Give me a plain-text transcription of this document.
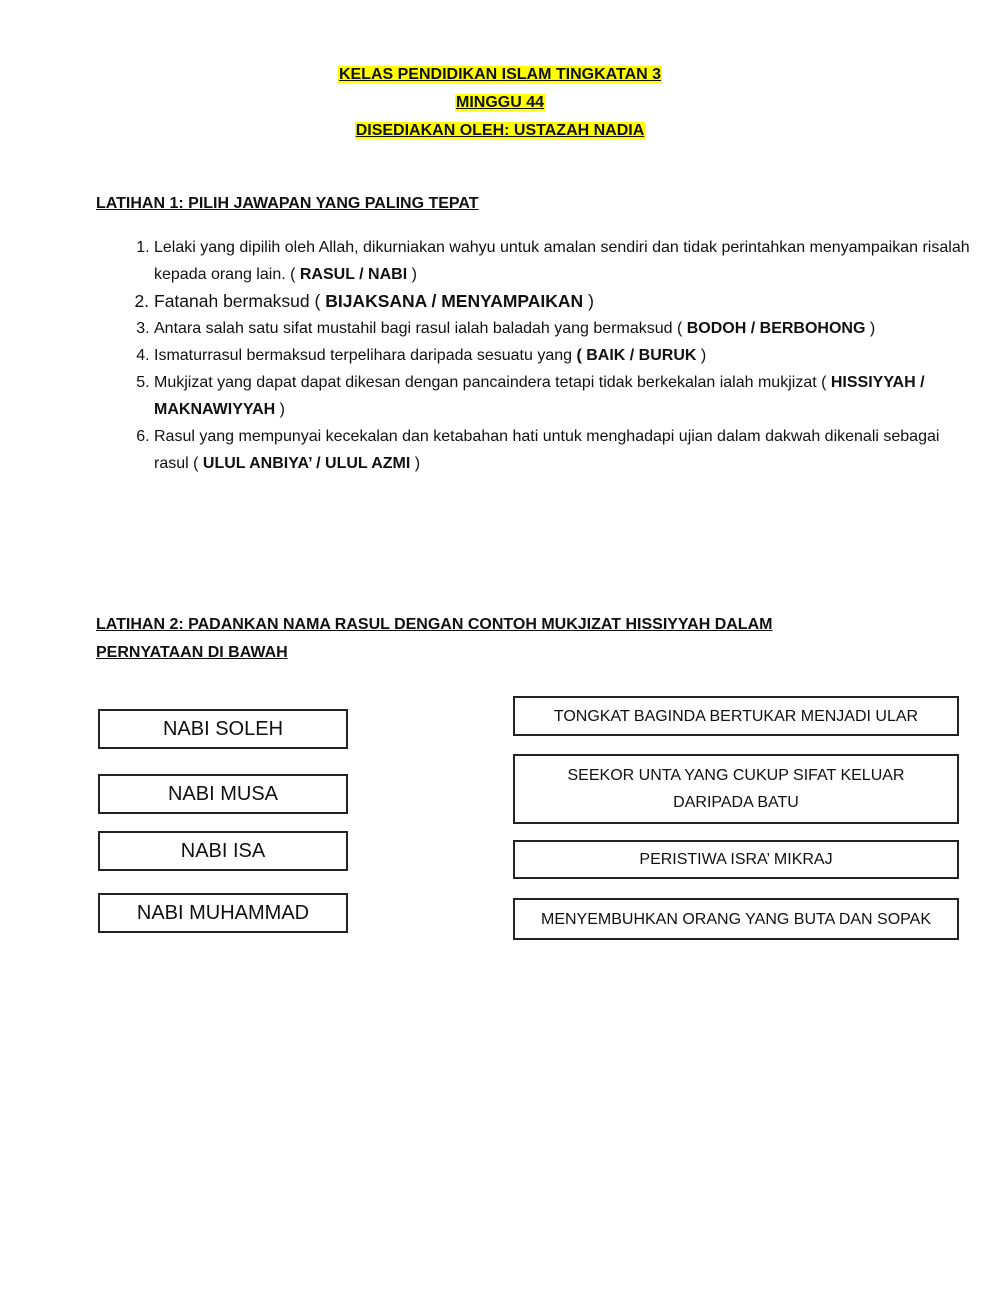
KELAS PENDIDIKAN ISLAM TINGKATAN 3
MINGGU 44
DISEDIAKAN OLEH: USTAZAH NADIA
LATIHAN 1: PILIH JAWAPAN YANG PALING TEPAT
1. Lelaki yang dipilih oleh Allah, dikurniakan wahyu untuk amalan sendiri dan tidak perintahkan menyampaikan risalah kepada orang lain. ( RASUL / NABI )
2. Fatanah bermaksud ( BIJAKSANA / MENYAMPAIKAN )
3. Antara salah satu sifat mustahil bagi rasul ialah baladah yang bermaksud ( BODOH / BERBOHONG )
4. Ismaturrasul bermaksud terpelihara daripada sesuatu yang ( BAIK / BURUK )
5. Mukjizat yang dapat dapat dikesan dengan pancaindera tetapi tidak berkekalan ialah mukjizat ( HISSIYYAH / MAKNAWIYYAH )
6. Rasul yang mempunyai kecekalan dan ketabahan hati untuk menghadapi ujian dalam dakwah dikenali sebagai rasul ( ULUL ANBIYA’ / ULUL AZMI )
LATIHAN 2: PADANKAN NAMA RASUL DENGAN CONTOH MUKJIZAT HISSIYYAH DALAM
PERNYATAAN DI BAWAH
NABI SOLEH
NABI MUSA
NABI ISA
NABI MUHAMMAD
TONGKAT BAGINDA BERTUKAR MENJADI ULAR
SEEKOR UNTA YANG CUKUP SIFAT KELUAR DARIPADA BATU
PERISTIWA ISRA’ MIKRAJ
MENYEMBUHKAN ORANG YANG BUTA DAN SOPAK
